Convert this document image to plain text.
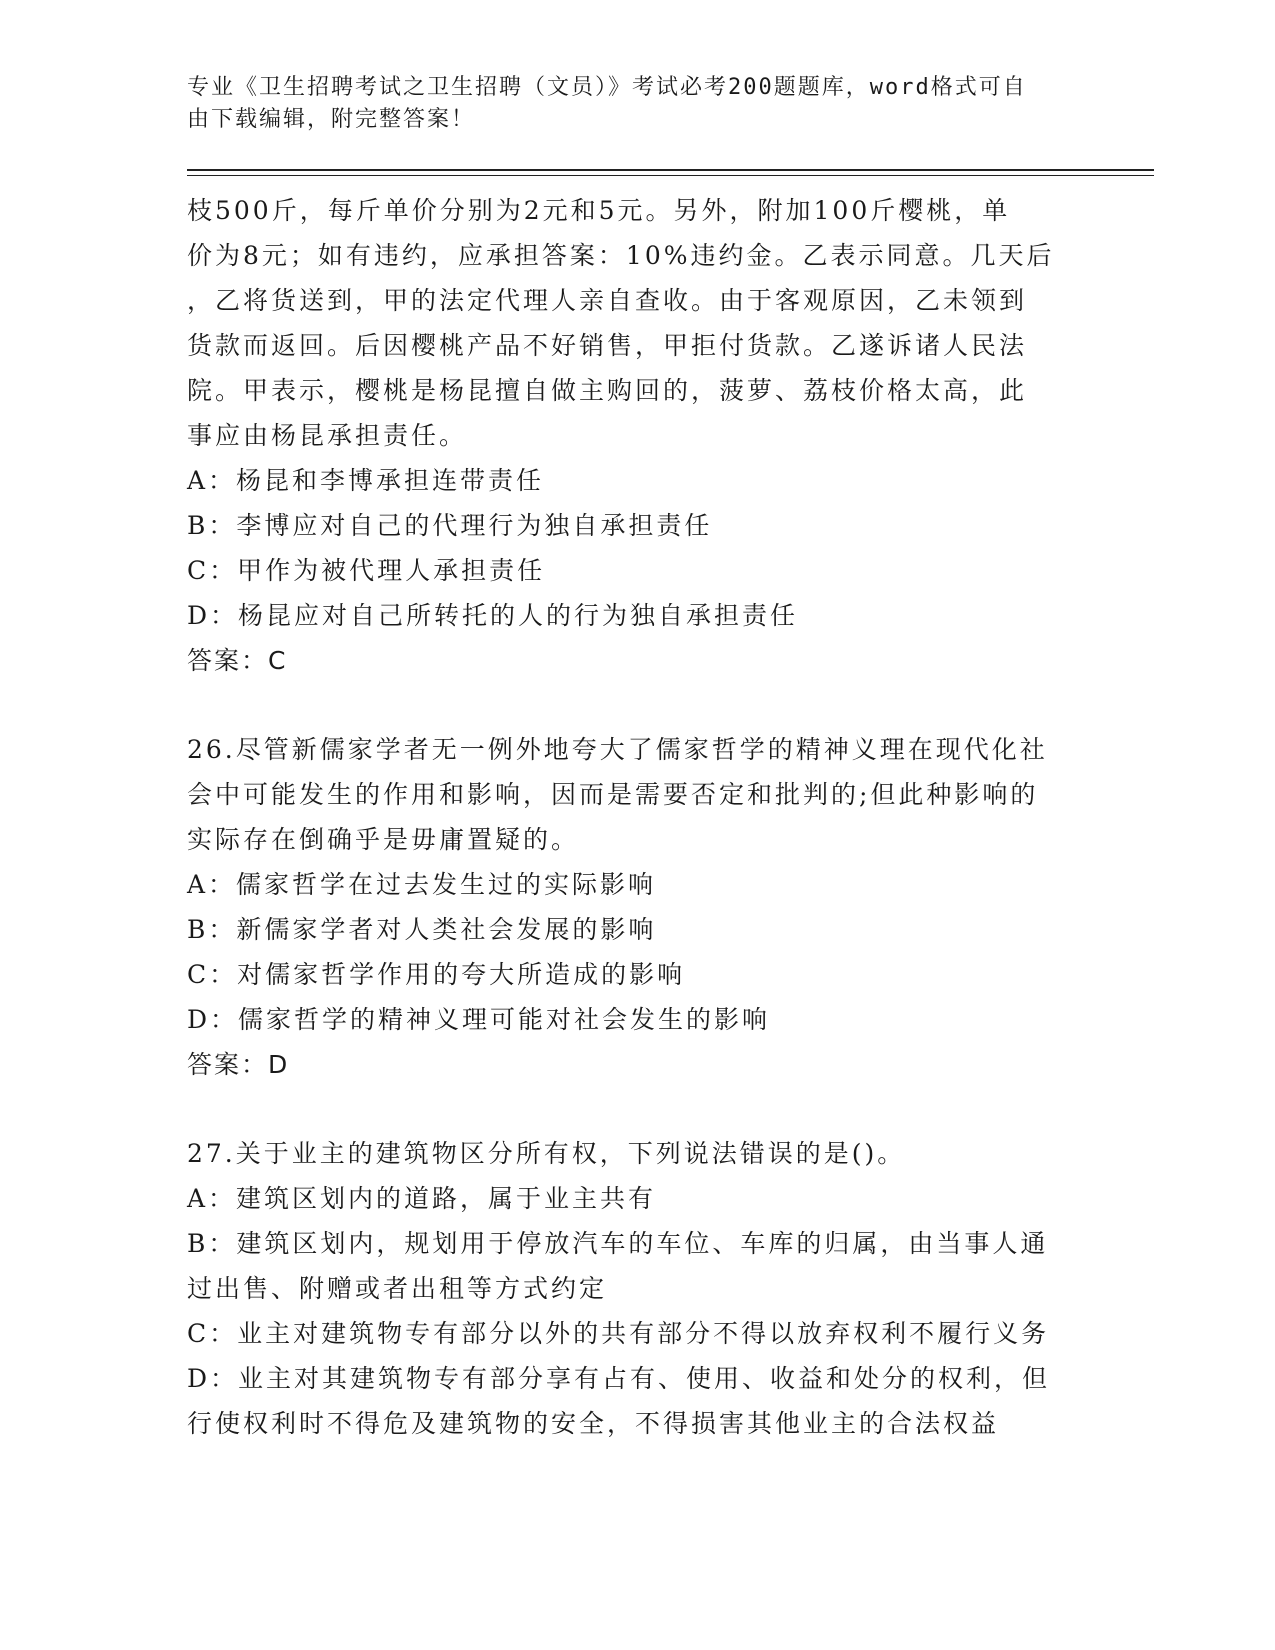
专业《卫生招聘考试之卫生招聘（文员）》考试必考200题题库，word格式可自
由下载编辑，附完整答案！
枝500斤，每斤单价分别为2元和5元。另外，附加100斤樱桃，单
价为8元；如有违约，应承担答案：10%违约金。乙表示同意。几天后
，乙将货送到，甲的法定代理人亲自查收。由于客观原因，乙未领到
货款而返回。后因樱桃产品不好销售，甲拒付货款。乙遂诉诸人民法
院。甲表示，樱桃是杨昆擅自做主购回的，菠萝、荔枝价格太高，此
事应由杨昆承担责任。
A：杨昆和李博承担连带责任
B：李博应对自己的代理行为独自承担责任
C：甲作为被代理人承担责任
D：杨昆应对自己所转托的人的行为独自承担责任
答案：C
26.尽管新儒家学者无一例外地夸大了儒家哲学的精神义理在现代化社
会中可能发生的作用和影响，因而是需要否定和批判的;但此种影响的
实际存在倒确乎是毋庸置疑的。
A：儒家哲学在过去发生过的实际影响
B：新儒家学者对人类社会发展的影响
C：对儒家哲学作用的夸大所造成的影响
D：儒家哲学的精神义理可能对社会发生的影响
答案：D
27.关于业主的建筑物区分所有权，下列说法错误的是()。
A：建筑区划内的道路，属于业主共有
B：建筑区划内，规划用于停放汽车的车位、车库的归属，由当事人通
过出售、附赠或者出租等方式约定
C：业主对建筑物专有部分以外的共有部分不得以放弃权利不履行义务
D：业主对其建筑物专有部分享有占有、使用、收益和处分的权利，但
行使权利时不得危及建筑物的安全，不得损害其他业主的合法权益
